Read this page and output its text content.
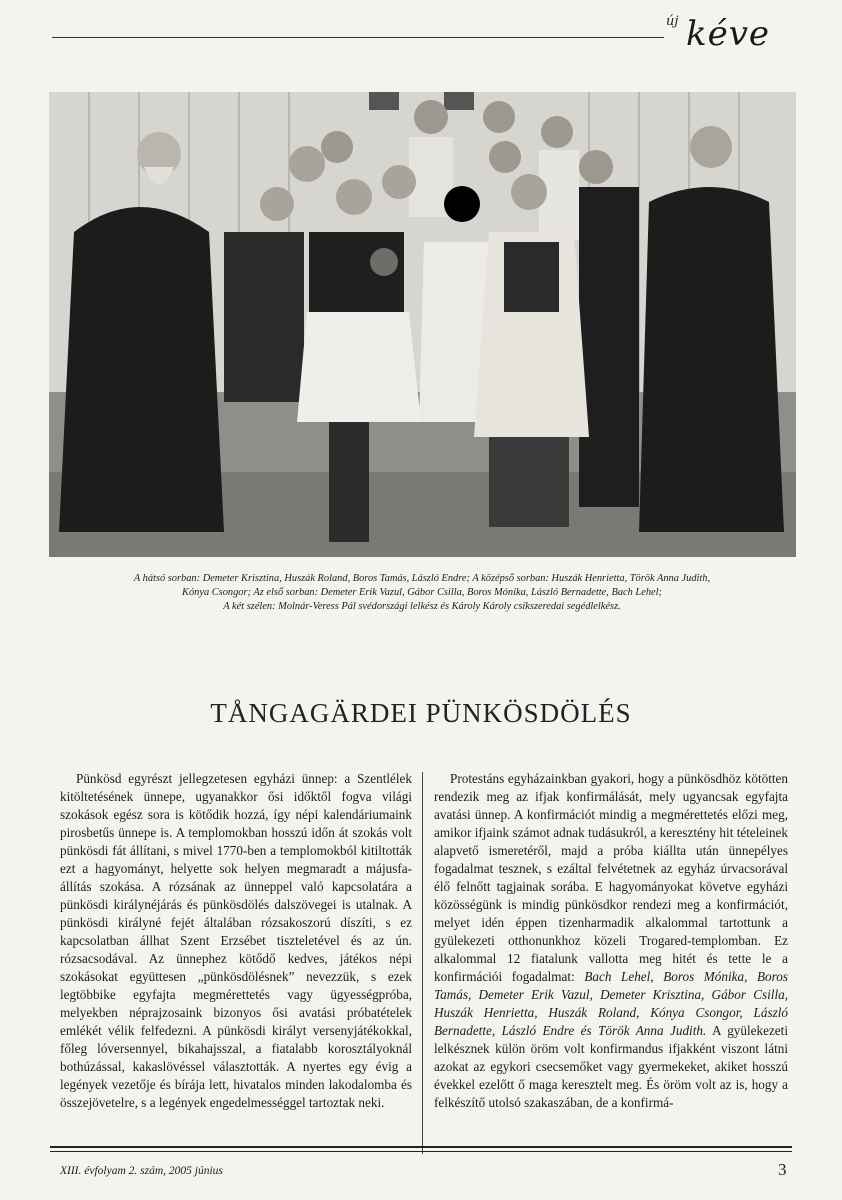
új kéve
A hátsó sorban: Demeter Krisztina, Huszák Roland, Boros Tamás, László Endre; A középső sorban: Huszák Henrietta, Török Anna Judith,
Kónya Csongor; Az első sorban: Demeter Erik Vazul, Gábor Csilla, Boros Mónika, László Bernadette, Bach Lehel;
A két szélen: Molnár-Veress Pál svédországi lelkész és Károly Károly csíkszeredai segédlelkész.
TÅNGAGÄRDEI PÜNKÖSDÖLÉS

Pünkösd egyrészt jellegzetesen egyházi ünnep: a Szentlélek kitöltetésének ünnepe, ugyanakkor ősi időktől fogva világi szokások egész sora is kötődik hozzá, így népi kalendáriumaink pirosbetűs ünnepe is. A templomokban hosszú időn át szokás volt pünkösdi fát állítani, s mivel 1770-ben a templomokból kitiltották ezt a hagyományt, helyette sok helyen megmaradt a májusfa-állítás szokása. A rózsának az ünneppel való kapcsolatára a pünkösdi királynéjárás és pünkösdölés dalszövegei is utalnak. A pünkösdi királyné fejét általában rózsakoszorú díszíti, s ez kapcsolatban állhat Szent Erzsébet tiszteletével és az ún. rózsacsodával. Az ünnephez kötődő kedves, játékos népi szokásokat együttesen „pünkösdölésnek” nevezzük, s ezek legtöbbike egyfajta megmérettetés vagy ügyességpróba, melyekben néprajzosaink bizonyos ősi avatási próbatételek emlékét vélik felfedezni. A pünkösdi királyt versenyjátékokkal, főleg lóversennyel, bikahajsszal, a fiatalabb korosztályoknál bothúzással, kakaslövéssel választották. A nyertes egy évig a legények vezetője és bírája lett, hivatalos minden lakodalomba és összejövetelre, s a legények engedelmességgel tartoztak neki.

Protestáns egyházainkban gyakori, hogy a pünkösdhöz kötötten rendezik meg az ifjak konfirmálását, mely ugyancsak egyfajta avatási ünnep. A konfirmációt mindig a megmérettetés előzi meg, amikor ifjaink számot adnak tudásukról, a keresztény hit tételeinek alapvető ismeretéről, majd a próba kiállta után ünnepélyes fogadalmat tesznek, s ezáltal felvétetnek az egyház úrvacsorával élő felnőtt tagjainak sorába. E hagyományokat követve egyházi közösségünk is mindig pünkösdkor rendezi meg a konfirmációt, melyet idén éppen tizenharmadik alkalommal tartottunk a gyülekezeti otthonunkhoz közeli Trogared-templomban. Ez alkalommal 12 fiatalunk vallotta meg hitét és tette le a konfirmációi fogadalmat: Bach Lehel, Boros Mónika, Boros Tamás, Demeter Erik Vazul, Demeter Krisztina, Gábor Csilla, Huszák Henrietta, Huszák Roland, Kónya Csongor, László Bernadette, László Endre és Török Anna Judith. A gyülekezeti lelkésznek külön öröm volt konfirmandus ifjakként viszont látni azokat az egykori csecsemőket vagy gyermekeket, akiket hosszú évekkel ezelőtt ő maga keresztelt meg. És öröm volt az is, hogy a felkészítő utolsó szakaszában, de a konfirmá-

XIII. évfolyam 2. szám, 2005 június	3
